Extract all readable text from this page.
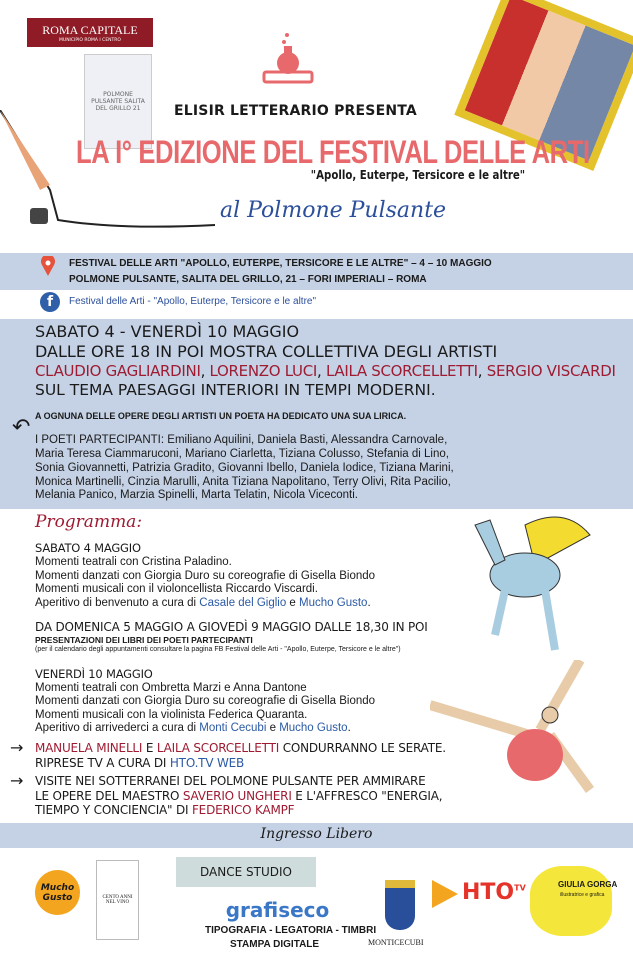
ROMA CAPITALE
MUNICIPIO ROMA I CENTRO
POLMONE PULSANTE SALITA DEL GRILLO 21	ELISIR LETTERARIO PRESENTA
LA I° EDIZIONE DEL FESTIVAL DELLE ARTI
"Apollo, Euterpe, Tersicore e le altre"
al Polmone Pulsante
FESTIVAL DELLE ARTI "APOLLO, EUTERPE, TERSICORE E LE ALTRE" – 4 – 10 MAGGIO
POLMONE PULSANTE, SALITA DEL GRILLO, 21 – FORI IMPERIALI – ROMA
f	Festival delle Arti - "Apollo, Euterpe, Tersicore e le altre"
SABATO 4 - VENERDÌ 10 MAGGIO
DALLE ORE 18 IN POI MOSTRA COLLETTIVA DEGLI ARTISTI
CLAUDIO GAGLIARDINI, LORENZO LUCI, LAILA SCORCELLETTI, SERGIO VISCARDI
SUL TEMA PAESAGGI INTERIORI IN TEMPI MODERNI.
A OGNUNA DELLE OPERE DEGLI ARTISTI UN POETA HA DEDICATO UNA SUA LIRICA.
↶ I POETI PARTECIPANTI: Emiliano Aquilini, Daniela Basti, Alessandra Carnovale,
Maria Teresa Ciammaruconi, Mariano Ciarletta, Tiziana Colusso, Stefania di Lino,
Sonia Giovannetti, Patrizia Gradito, Giovanni Ibello, Daniela Iodice, Tiziana Marini,
Monica Martinelli, Cinzia Marulli, Anita Tiziana Napolitano, Terry Olivi, Rita Pacilio,
Melania Panico, Marzia Spinelli, Marta Telatin, Nicola Viceconti.
Programma:
SABATO 4 MAGGIO
Momenti teatrali con Cristina Paladino.
Momenti danzati con Giorgia Duro su coreografie di Gisella Biondo
Momenti musicali con il violoncellista Riccardo Viscardi.
Aperitivo di benvenuto a cura di Casale del Giglio e Mucho Gusto.
DA DOMENICA 5 MAGGIO A GIOVEDÌ 9 MAGGIO DALLE 18,30 IN POI
PRESENTAZIONI DEI LIBRI DEI POETI PARTECIPANTI
(per il calendario degli appuntamenti consultare la pagina FB Festival delle Arti - "Apollo, Euterpe, Tersicore e le altre")
VENERDÌ 10 MAGGIO
Momenti teatrali con Ombretta Marzi e Anna Dantone
Momenti danzati con Giorgia Duro su coreografie di Gisella Biondo
Momenti musicali con la violinista Federica Quaranta.
Aperitivo di arrivederci a cura di Monti Cecubi e Mucho Gusto.
→ MANUELA MINELLI E LAILA SCORCELLETTI CONDURRANNO LE SERATE.
RIPRESE TV A CURA DI HTO.TV WEB
→ VISITE NEI SOTTERRANEI DEL POLMONE PULSANTE PER AMMIRARE
LE OPERE DEL MAESTRO SAVERIO UNGHERI E L'AFFRESCO "ENERGIA,
TIEMPO Y CONCIENCIA" DI FEDERICO KAMPF
Ingresso Libero
Mucho Gusto	CENTO ANNI NEL VINO
DANCE STUDIO
grafiseco
TIPOGRAFIA - LEGATORIA - TIMBRI
STAMPA DIGITALE	MONTICECUBI
$HTO^{TV}$	GIULIA GORGA
illustratrice e grafica
